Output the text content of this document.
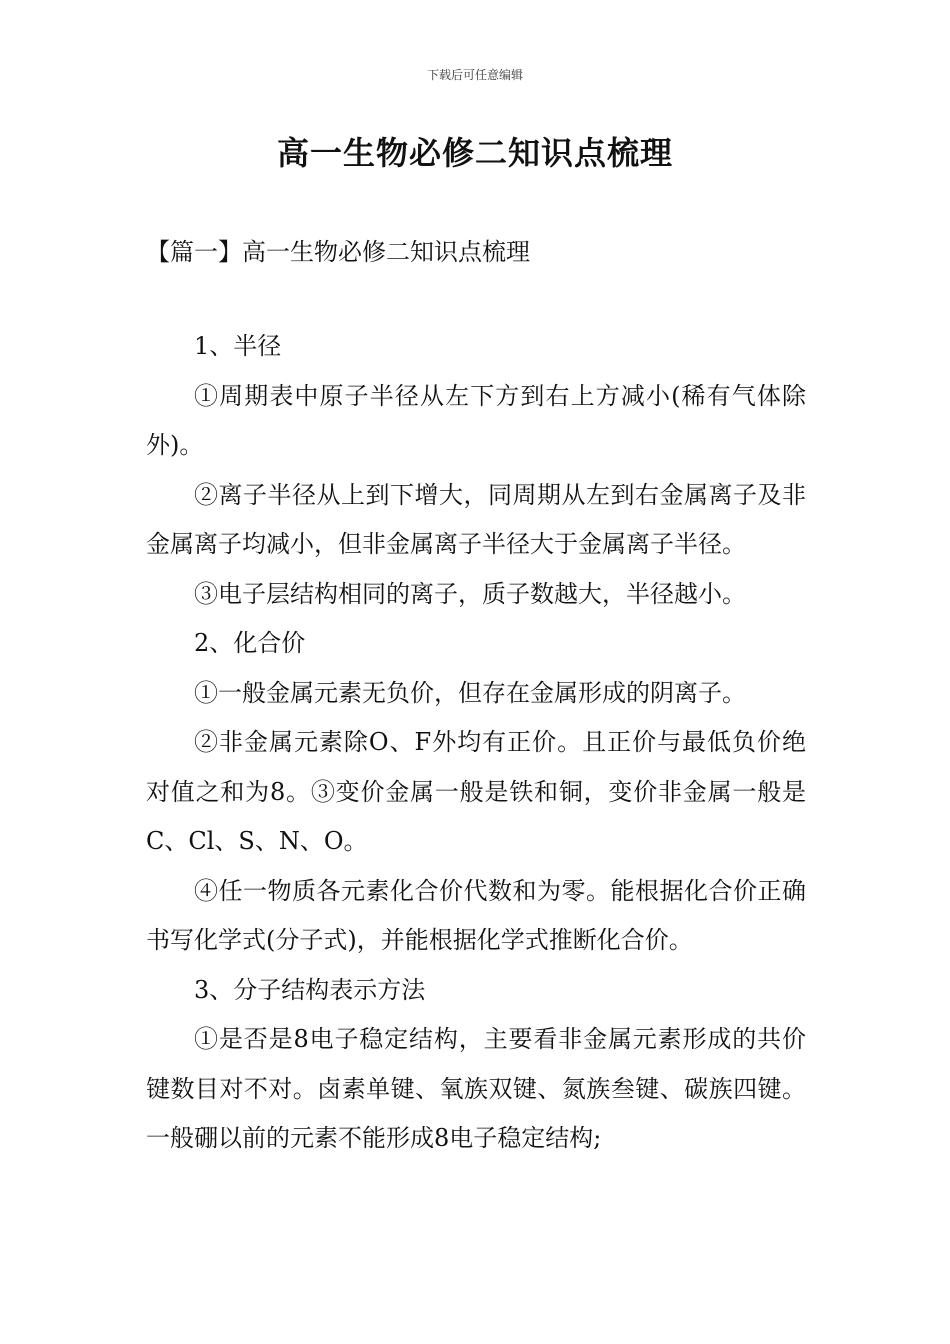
下载后可任意编辑
高一生物必修二知识点梳理
【篇一】高一生物必修二知识点梳理

1、半径

①周期表中原子半径从左下方到右上方减小(稀有气体除外)。

②离子半径从上到下增大，同周期从左到右金属离子及非金属离子均减小，但非金属离子半径大于金属离子半径。

③电子层结构相同的离子，质子数越大，半径越小。

2、化合价

①一般金属元素无负价，但存在金属形成的阴离子。

②非金属元素除O、F外均有正价。且正价与最低负价绝对值之和为8。③变价金属一般是铁和铜，变价非金属一般是C、Cl、S、N、O。

④任一物质各元素化合价代数和为零。能根据化合价正确书写化学式(分子式)，并能根据化学式推断化合价。

3、分子结构表示方法

①是否是8电子稳定结构，主要看非金属元素形成的共价键数目对不对。卤素单键、氧族双键、氮族叁键、碳族四键。一般硼以前的元素不能形成8电子稳定结构;
